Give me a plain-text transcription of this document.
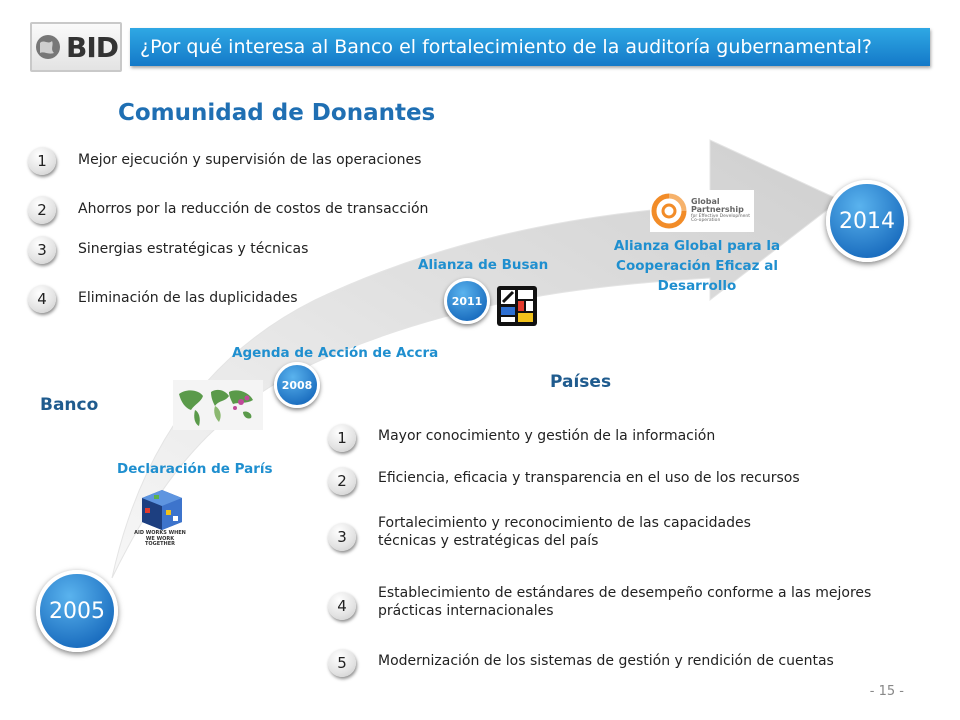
BID	¿Por qué interesa al Banco el fortalecimiento de la auditoría gubernamental?
Comunidad de Donantes
1	Mejor ejecución y supervisión de las operaciones
2	Ahorros por la reducción de costos de transacción
3	Sinergias estratégicas y técnicas
4	Eliminación de las duplicidades
Banco
Países
Agenda de Acción de Accra
Alianza de Busan
Declaración de París
Alianza Global para la
Cooperación Eficaz al
Desarrollo
2005
2014
2008
2011
Global
Partnership
for Effective Development
Co-operation
AID WORKS WHEN WE WORK TOGETHER
1	Mayor conocimiento y gestión de la información
2	Eficiencia, eficacia y transparencia en el uso de los recursos
3
Fortalecimiento y reconocimiento de las capacidades
técnicas y estratégicas del país
4
Establecimiento de estándares de desempeño conforme a las mejores
prácticas internacionales
5	Modernización de los sistemas de gestión y rendición de cuentas
- 15 -
